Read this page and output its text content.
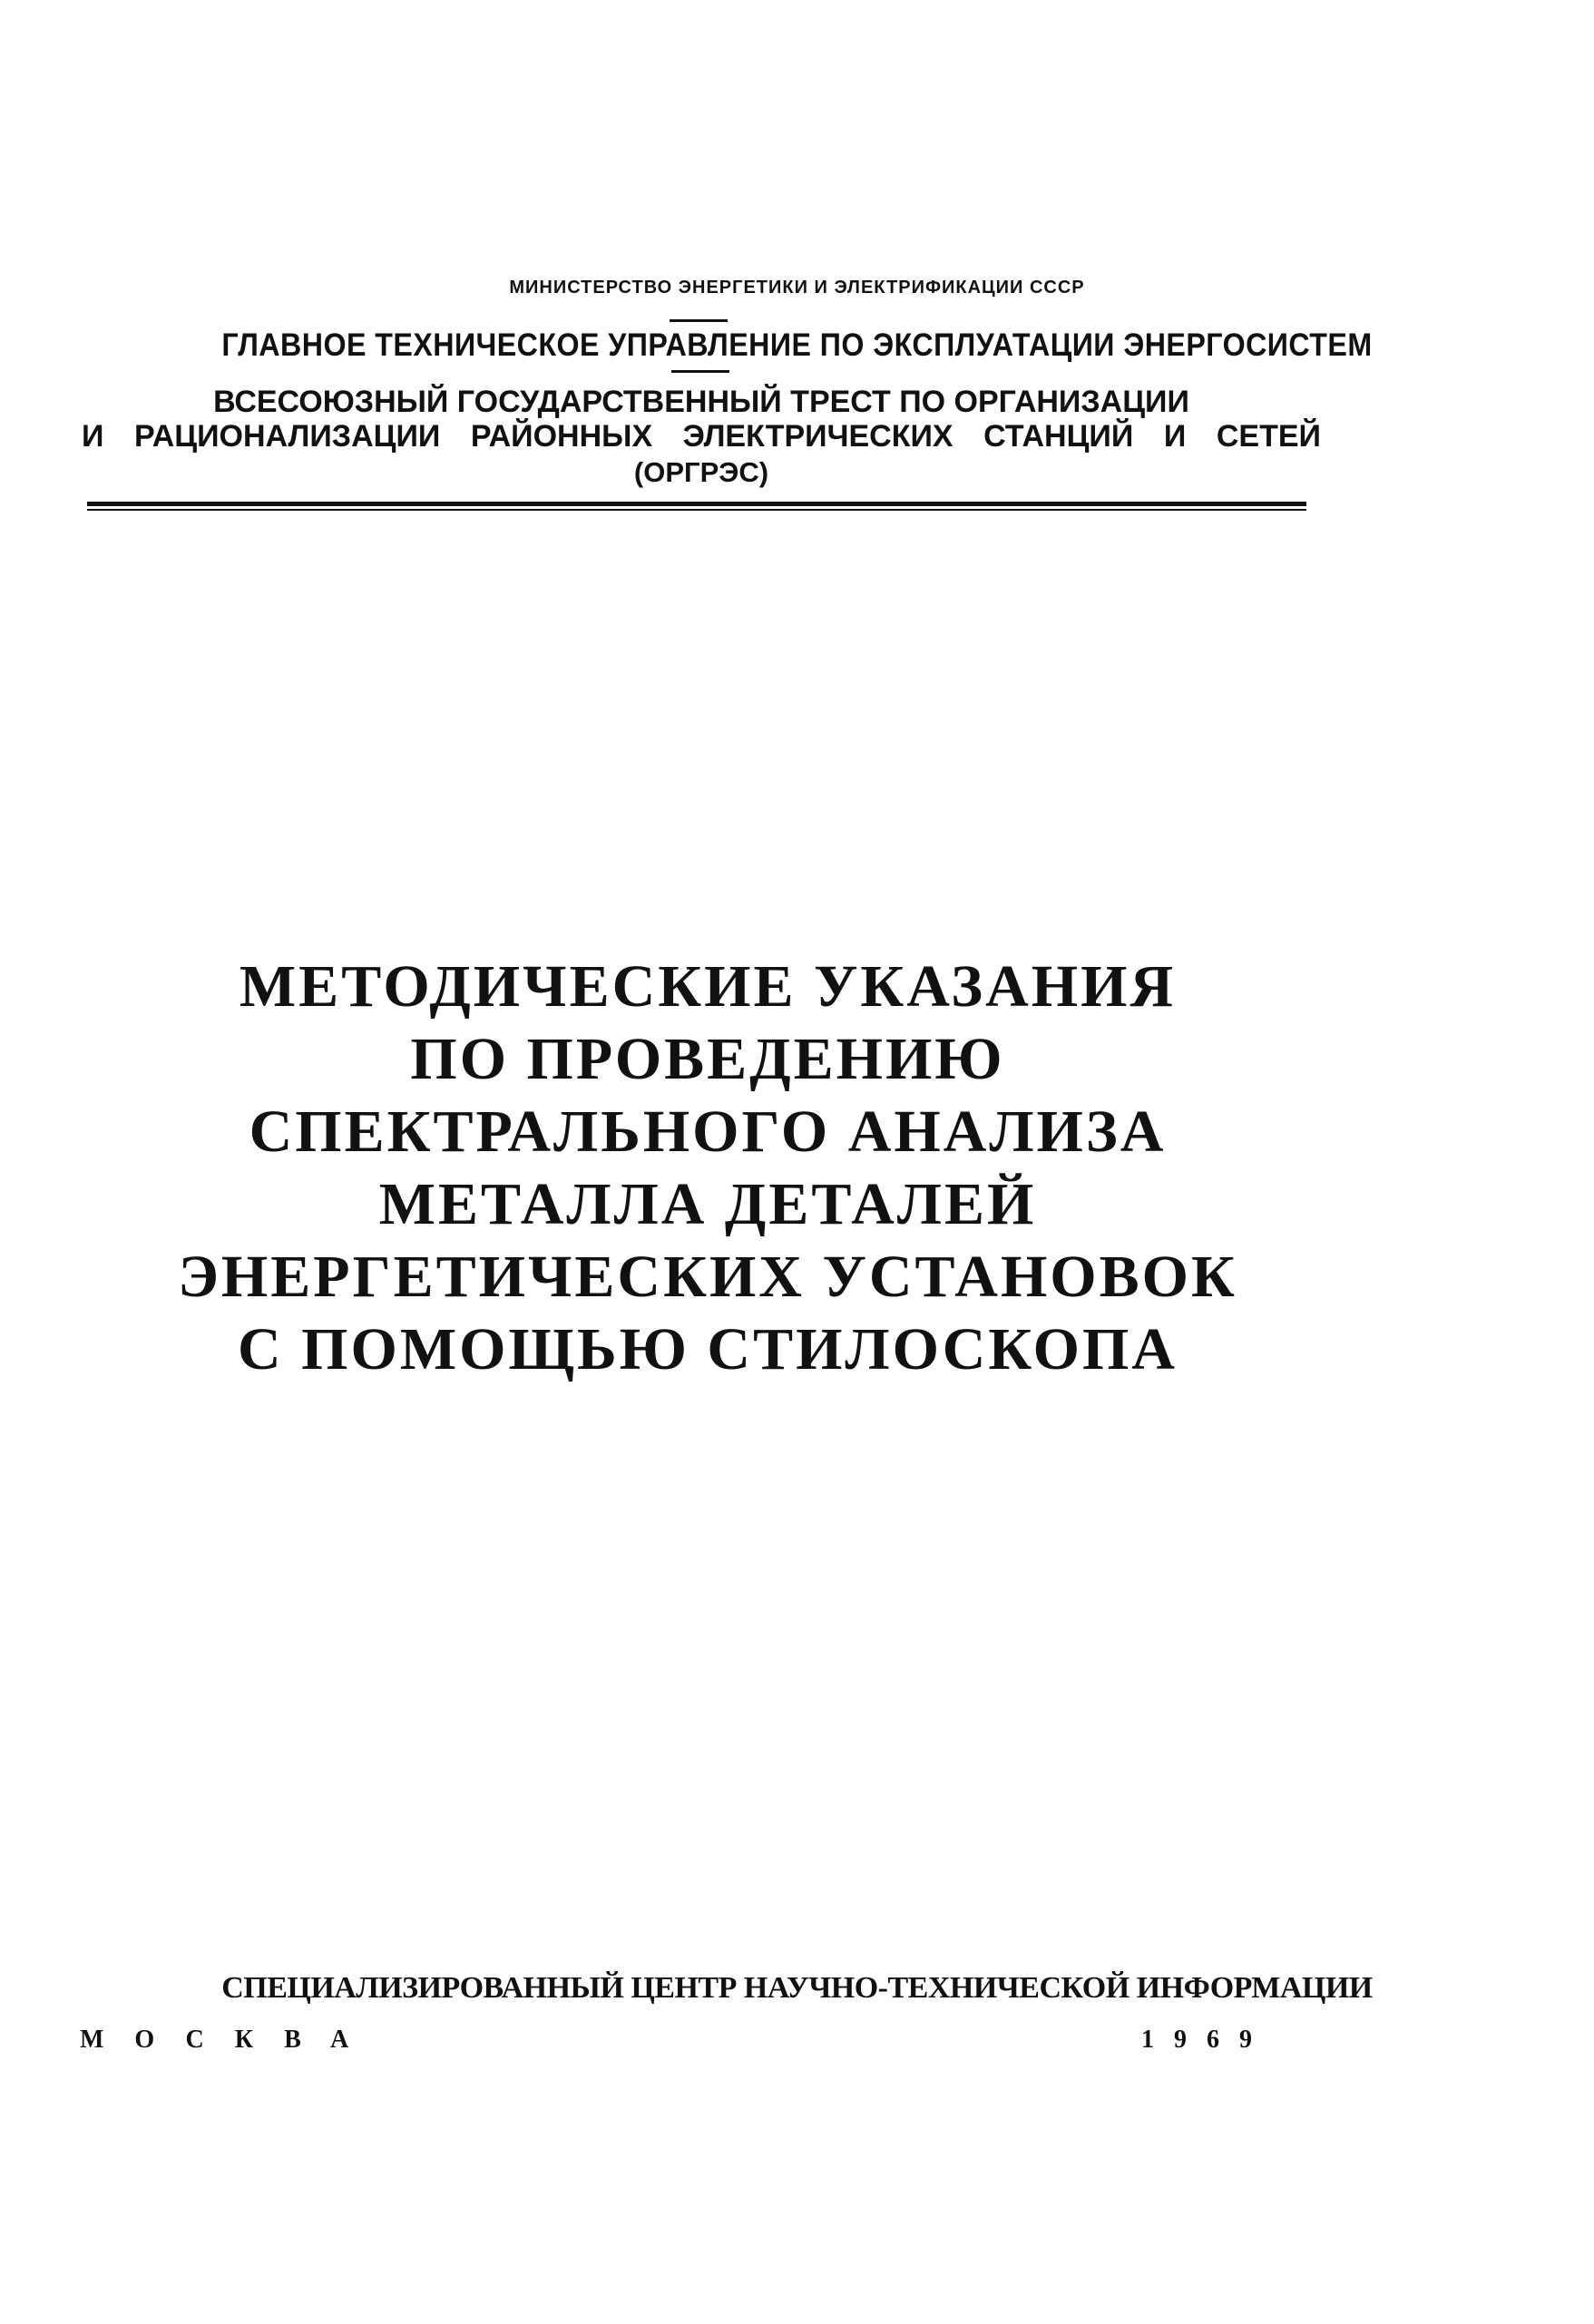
МИНИСТЕРСТВО ЭНЕРГЕТИКИ И ЭЛЕКТРИФИКАЦИИ СССР
ГЛАВНОЕ ТЕХНИЧЕСКОЕ УПРАВЛЕНИЕ ПО ЭКСПЛУАТАЦИИ ЭНЕРГОСИСТЕМ
ВСЕСОЮЗНЫЙ ГОСУДАРСТВЕННЫЙ ТРЕСТ ПО ОРГАНИЗАЦИИ
И РАЦИОНАЛИЗАЦИИ РАЙОННЫХ ЭЛЕКТРИЧЕСКИХ СТАНЦИЙ И СЕТЕЙ
(ОРГРЭС)
МЕТОДИЧЕСКИЕ УКАЗАНИЯ
ПО ПРОВЕДЕНИЮ
СПЕКТРАЛЬНОГО АНАЛИЗА
МЕТАЛЛА ДЕТАЛЕЙ
ЭНЕРГЕТИЧЕСКИХ УСТАНОВОК
С ПОМОЩЬЮ СТИЛОСКОПА
СПЕЦИАЛИЗИРОВАННЫЙ ЦЕНТР НАУЧНО-ТЕХНИЧЕСКОЙ ИНФОРМАЦИИ
МОСКВА	1969
